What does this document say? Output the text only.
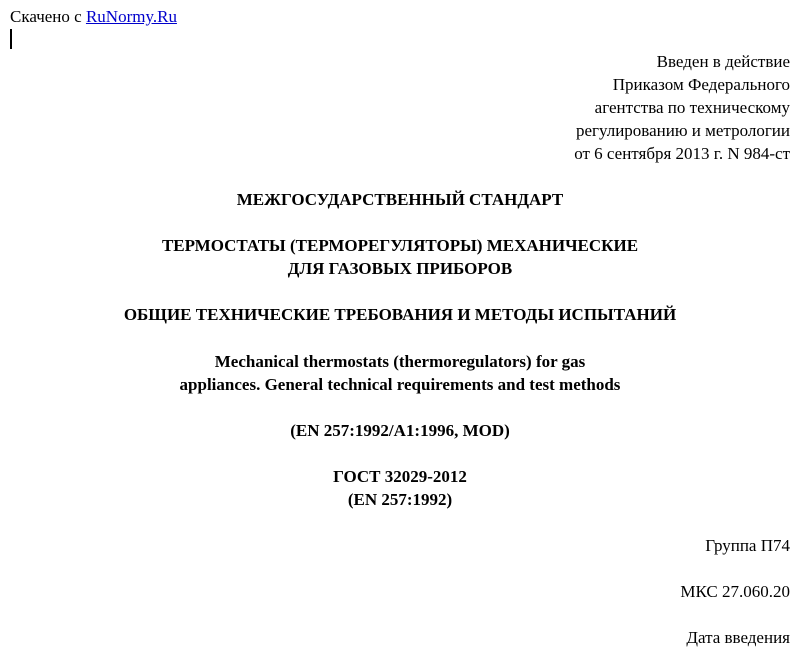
Скачено с RuNormy.Ru
Введен в действие
Приказом Федерального
агентства по техническому
регулированию и метрологии
от 6 сентября 2013 г. N 984-ст
МЕЖГОСУДАРСТВЕННЫЙ СТАНДАРТ
ТЕРМОСТАТЫ (ТЕРМОРЕГУЛЯТОРЫ) МЕХАНИЧЕСКИЕ
ДЛЯ ГАЗОВЫХ ПРИБОРОВ
ОБЩИЕ ТЕХНИЧЕСКИЕ ТРЕБОВАНИЯ И МЕТОДЫ ИСПЫТАНИЙ
Mechanical thermostats (thermoregulators) for gas
appliances. General technical requirements and test methods
(EN 257:1992/A1:1996, MOD)
ГОСТ 32029-2012
(EN 257:1992)
Группа П74
МКС 27.060.20
Дата введения
